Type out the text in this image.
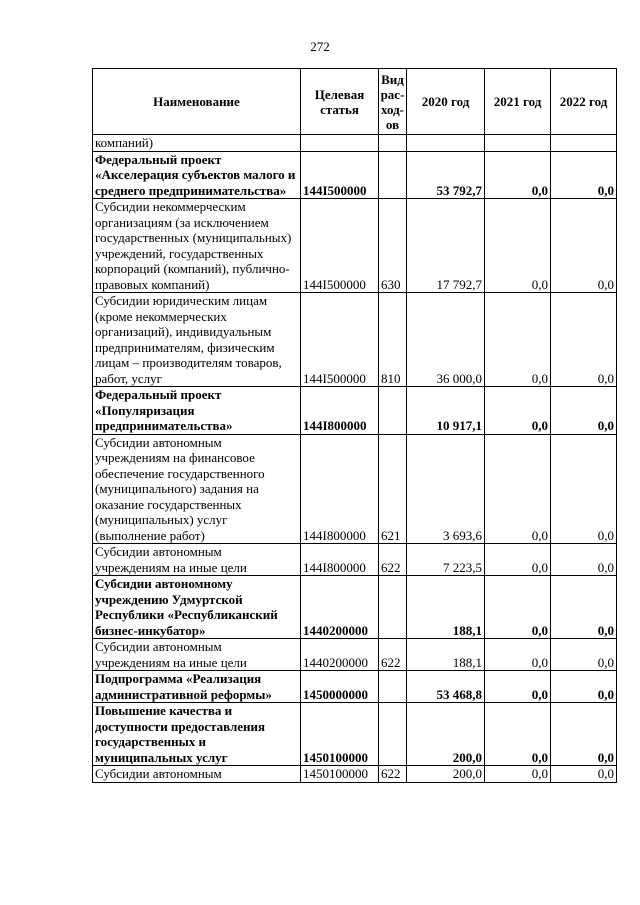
272
Наименование	Целевая статья	Вид рас-ход-ов	2020 год	2021 год	2022 год
компаний)					
Федеральный проект «Акселерация субъектов малого и среднего предпринимательства»	144I500000		53 792,7	0,0	0,0
Субсидии некоммерческим организациям (за исключением государственных (муниципальных) учреждений, государственных корпораций (компаний), публично-правовых компаний)	144I500000	630	17 792,7	0,0	0,0
Субсидии юридическим лицам (кроме некоммерческих организаций), индивидуальным предпринимателям, физическим лицам – производителям товаров, работ, услуг	144I500000	810	36 000,0	0,0	0,0
Федеральный проект «Популяризация предпринимательства»	144I800000		10 917,1	0,0	0,0
Субсидии автономным учреждениям на финансовое обеспечение государственного (муниципального) задания на оказание государственных (муниципальных) услуг (выполнение работ)	144I800000	621	3 693,6	0,0	0,0
Субсидии автономным учреждениям на иные цели	144I800000	622	7 223,5	0,0	0,0
Субсидии автономному учреждению Удмуртской Республики «Республиканский бизнес-инкубатор»	1440200000		188,1	0,0	0,0
Субсидии автономным учреждениям на иные цели	1440200000	622	188,1	0,0	0,0
Подпрограмма «Реализация административной реформы»	1450000000		53 468,8	0,0	0,0
Повышение качества и доступности предоставления государственных и муниципальных услуг	1450100000		200,0	0,0	0,0
Субсидии автономным	1450100000	622	200,0	0,0	0,0
